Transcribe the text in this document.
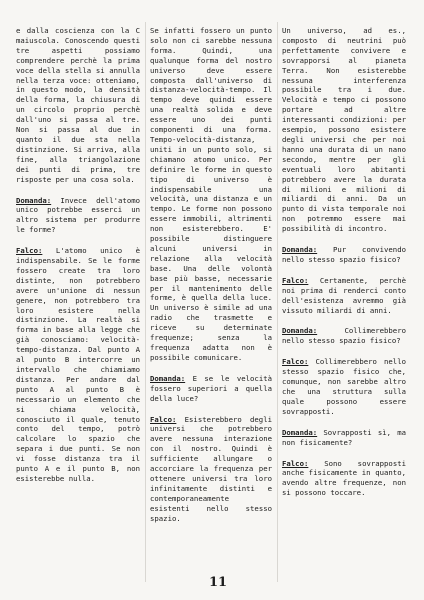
e dalla coscienza con la C maiuscola. Conoscendo questi tre aspetti possiamo comprendere perchè la prima voce della stella si annulla nella terza voce: otteniamo, in questo modo, la densità della forma, la chiusura di un circolo proprio perchè dall'uno si passa al tre. Non si passa al due in quanto il due sta nella distinzione. Si arriva, alla fine, alla triangolazione dei punti di prima, tre risposte per una cosa sola.

Domanda: Invece dell'atomo unico potrebbe esserci un altro sistema per produrre le forme?

Falco: L'atomo unico è indispensabile. Se le forme fossero create tra loro distinte, non potrebbero avere un'unione di nessun genere, non potrebbero tra loro esistere nella distinzione. La realtà si forma in base alla legge che già conosciamo: velocità-tempo-distanza. Dal punto A al punto B intercorre un intervallo che chiamiamo distanza. Per andare dal punto A al punto B è necessario un elemento che si chiama velocità, conosciuto il quale, tenuto conto del tempo, potrò calcolare lo spazio che separa i due punti. Se non vi fosse distanza tra il punto A e il punto B, non esisterebbe nulla.

Se infatti fossero un punto solo non ci sarebbe nessuna forma. Quindi, una qualunque forma del nostro universo deve essere composta dall'universo di distanza-velocità-tempo. Il tempo deve quindi essere una realtà solida e deve essere uno dei punti componenti di una forma. Tempo-velocità-distanza, uniti in un punto solo, si chiamano atomo unico. Per definire le forme in questo tipo di universo è indispensabile una velocità, una distanza e un tempo. Le forme non possono essere immobili, altrimenti non esisterebbero. E' possibile distinguere alcuni universi in relazione alla velocità base. Una delle volontà base più basse, necessarie per il mantenimento delle forme, è quella della luce. Un universo è simile ad una radio che trasmette e riceve su determinate frequenze; senza la frequenza adatta non è possibile comunicare.

Domanda: E se le velocità fossero superiori a quella della luce?

Falco: Esisterebbero degli universi che potrebbero avere nessuna interazione con il nostro. Quindi è sufficiente allungare o accorciare la frequenza per ottenere universi tra loro infinitamente distinti e contemporaneamente esistenti nello stesso spazio.

Un universo, ad es., composto di neutrini può perfettamente convivere e sovrapporsi al pianeta Terra. Non esisterebbe nessuna interferenza possibile tra i due. Velocità e tempo ci possono portare ad altre interessanti condizioni: per esempio, possono esistere degli universi che per noi hanno una durata di un nano secondo, mentre per gli eventuali loro abitanti potrebbero avere la durata di milioni e milioni di miliardi di anni. Da un punto di vista temporale noi non potremmo essere mai possibilità di incontro.

Domanda: Pur convivendo nello stesso spazio fisico?

Falco: Certamente, perchè noi prima di renderci conto dell'esistenza avremmo già vissuto miliardi di anni.

Domanda: Collimerebbero nello stesso spazio fisico?

Falco: Collimerebbero nello stesso spazio fisico che, comunque, non sarebbe altro che una struttura sulla quale possono essere sovrapposti.

Domanda: Sovrapposti sì, ma non fisicamente?

Falco: Sono sovrapposti anche fisicamente in quanto, avendo altre frequenze, non si possono toccare.

11
